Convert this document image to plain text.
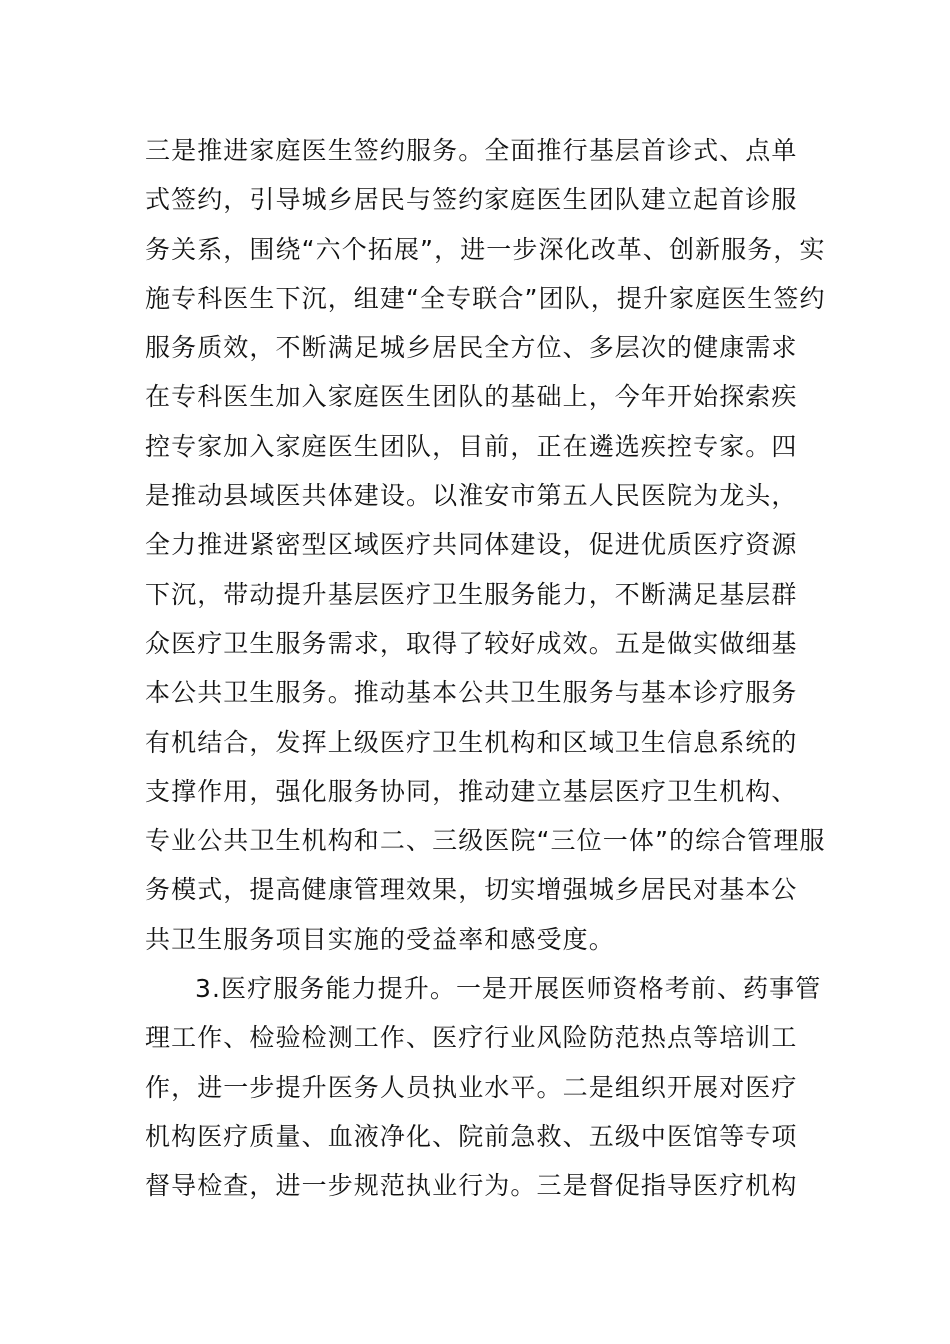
三是推进家庭医生签约服务。全面推行基层首诊式、点单
式签约，引导城乡居民与签约家庭医生团队建立起首诊服
务关系，围绕“六个拓展”，进一步深化改革、创新服务，实
施专科医生下沉，组建“全专联合”团队，提升家庭医生签约
服务质效，不断满足城乡居民全方位、多层次的健康需求
在专科医生加入家庭医生团队的基础上，今年开始探索疾
控专家加入家庭医生团队，目前，正在遴选疾控专家。四
是推动县域医共体建设。以淮安市第五人民医院为龙头，
全力推进紧密型区域医疗共同体建设，促进优质医疗资源
下沉，带动提升基层医疗卫生服务能力，不断满足基层群
众医疗卫生服务需求，取得了较好成效。五是做实做细基
本公共卫生服务。推动基本公共卫生服务与基本诊疗服务
有机结合，发挥上级医疗卫生机构和区域卫生信息系统的
支撑作用，强化服务协同，推动建立基层医疗卫生机构、
专业公共卫生机构和二、三级医院“三位一体”的综合管理服
务模式，提高健康管理效果，切实增强城乡居民对基本公
共卫生服务项目实施的受益率和感受度。
3.医疗服务能力提升。一是开展医师资格考前、药事管
理工作、检验检测工作、医疗行业风险防范热点等培训工
作，进一步提升医务人员执业水平。二是组织开展对医疗
机构医疗质量、血液净化、院前急救、五级中医馆等专项
督导检查，进一步规范执业行为。三是督促指导医疗机构
